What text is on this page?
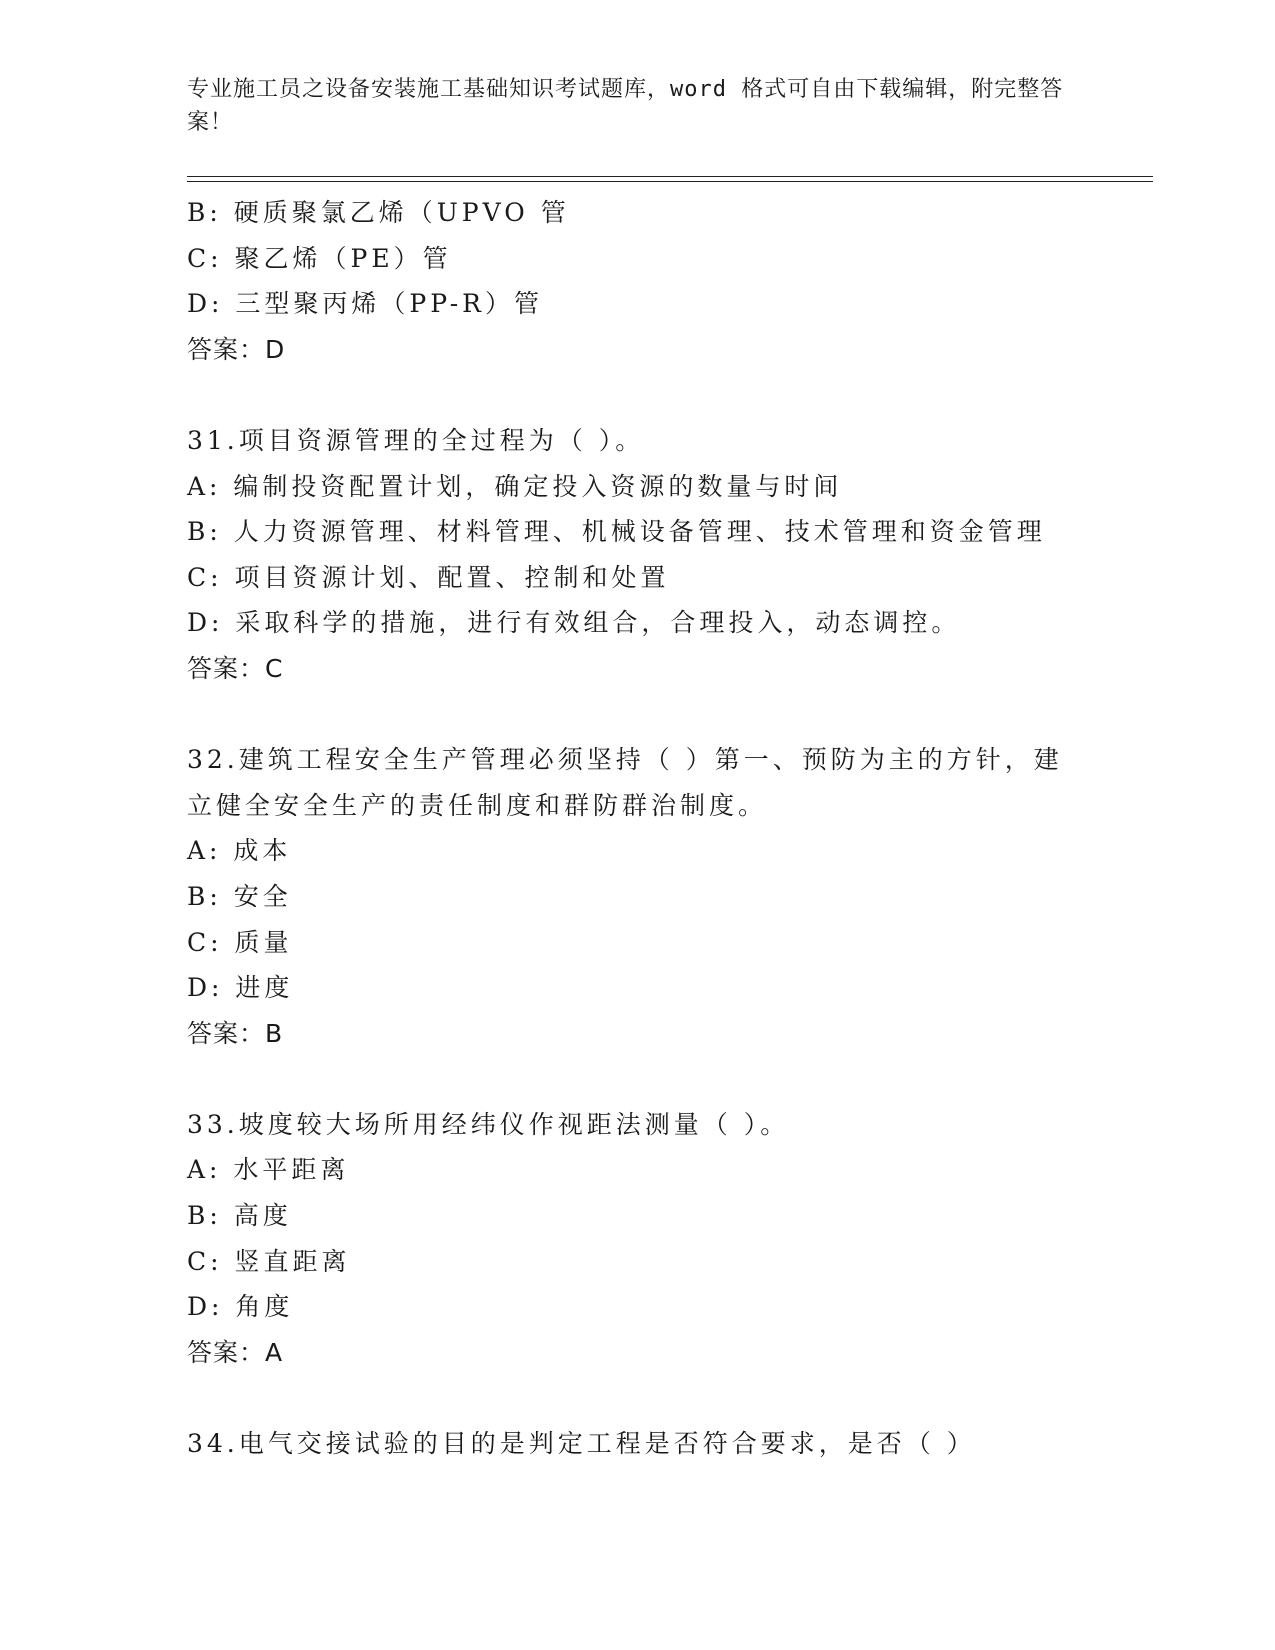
专业施工员之设备安装施工基础知识考试题库，word 格式可自由下载编辑，附完整答案！
B: 硬质聚氯乙烯（UPVO 管
C: 聚乙烯（PE）管
D: 三型聚丙烯（PP-R）管
答案：D
31.项目资源管理的全过程为（ ）。
A: 编制投资配置计划，确定投入资源的数量与时间
B: 人力资源管理、材料管理、机械设备管理、技术管理和资金管理
C: 项目资源计划、配置、控制和处置
D: 采取科学的措施，进行有效组合，合理投入，动态调控。
答案：C
32.建筑工程安全生产管理必须坚持（ ）第一、预防为主的方针，建立健全安全生产的责任制度和群防群治制度。
A: 成本
B: 安全
C: 质量
D: 进度
答案：B
33.坡度较大场所用经纬仪作视距法测量（ ）。
A: 水平距离
B: 高度
C: 竖直距离
D: 角度
答案：A
34.电气交接试验的目的是判定工程是否符合要求，是否（ ）
